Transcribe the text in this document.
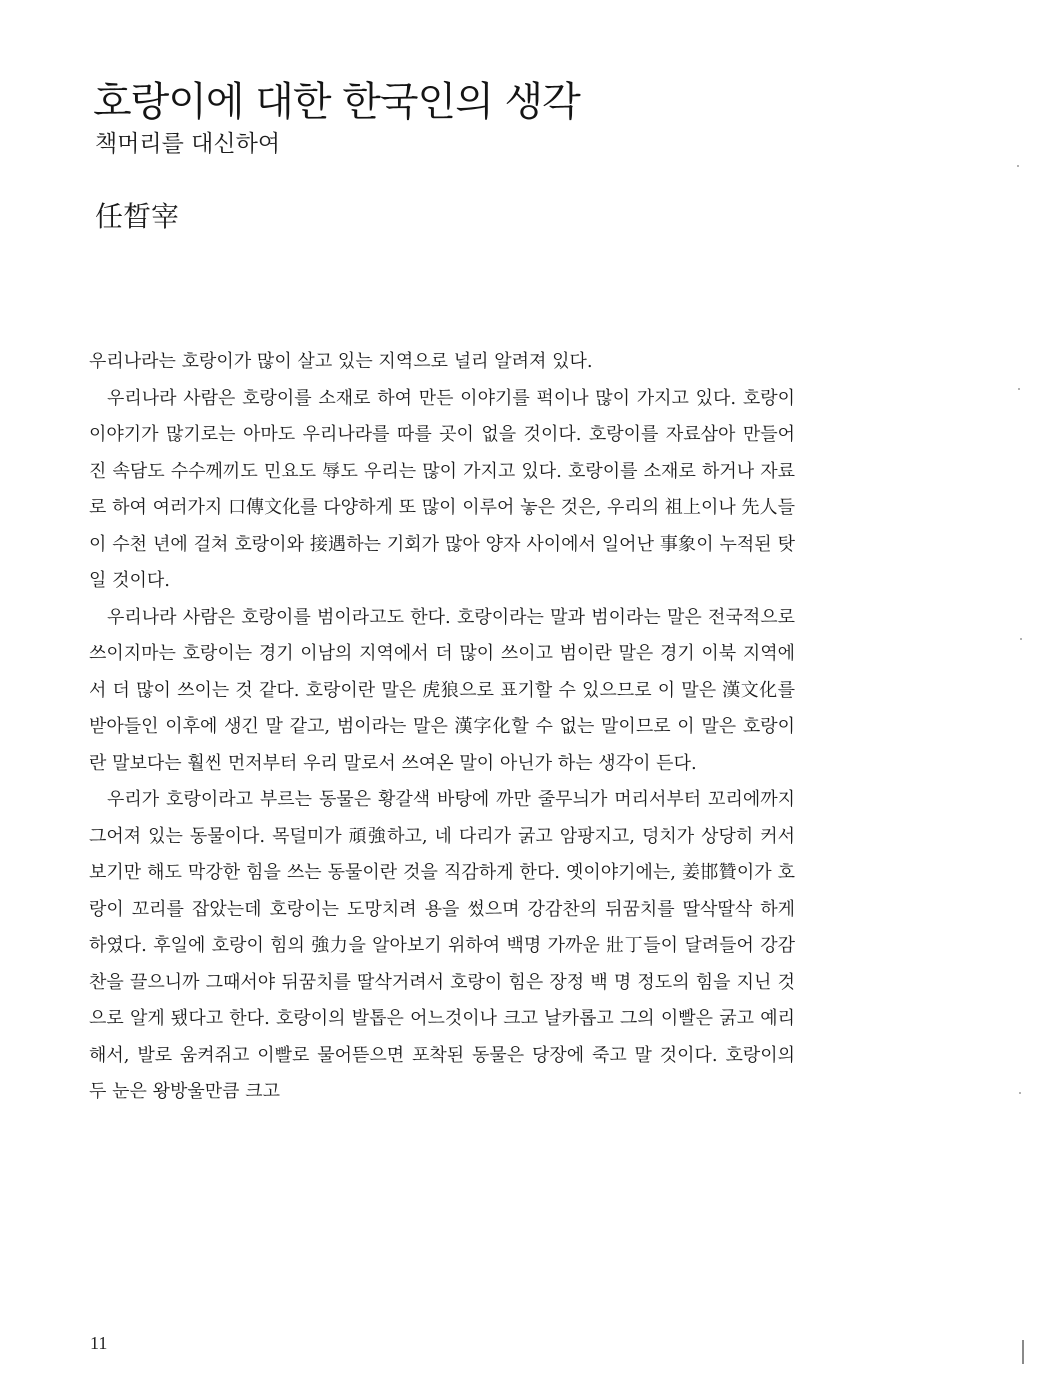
호랑이에 대한 한국인의 생각
책머리를 대신하여
任晳宰

우리나라는 호랑이가 많이 살고 있는 지역으로 널리 알려져 있다.

우리나라 사람은 호랑이를 소재로 하여 만든 이야기를 퍽이나 많이 가지고 있다. 호랑이 이야기가 많기로는 아마도 우리나라를 따를 곳이 없을 것이다. 호랑이를 자료삼아 만들어진 속담도 수수께끼도 민요도 辱도 우리는 많이 가지고 있다. 호랑이를 소재로 하거나 자료로 하여 여러가지 口傳文化를 다양하게 또 많이 이루어 놓은 것은, 우리의 祖上이나 先人들이 수천 년에 걸쳐 호랑이와 接遇하는 기회가 많아 양자 사이에서 일어난 事象이 누적된 탓일 것이다.

우리나라 사람은 호랑이를 범이라고도 한다. 호랑이라는 말과 범이라는 말은 전국적으로 쓰이지마는 호랑이는 경기 이남의 지역에서 더 많이 쓰이고 범이란 말은 경기 이북 지역에서 더 많이 쓰이는 것 같다. 호랑이란 말은 虎狼으로 표기할 수 있으므로 이 말은 漢文化를 받아들인 이후에 생긴 말 같고, 범이라는 말은 漢字化할 수 없는 말이므로 이 말은 호랑이란 말보다는 훨씬 먼저부터 우리 말로서 쓰여온 말이 아닌가 하는 생각이 든다.

우리가 호랑이라고 부르는 동물은 황갈색 바탕에 까만 줄무늬가 머리서부터 꼬리에까지 그어져 있는 동물이다. 목덜미가 頑強하고, 네 다리가 굵고 암팡지고, 덩치가 상당히 커서 보기만 해도 막강한 힘을 쓰는 동물이란 것을 직감하게 한다. 옛이야기에는, 姜邯贊이가 호랑이 꼬리를 잡았는데 호랑이는 도망치려 용을 썼으며 강감찬의 뒤꿈치를 딸삭딸삭 하게 하였다. 후일에 호랑이 힘의 強力을 알아보기 위하여 백명 가까운 壯丁들이 달려들어 강감찬을 끌으니까 그때서야 뒤꿈치를 딸삭거려서 호랑이 힘은 장정 백 명 정도의 힘을 지닌 것으로 알게 됐다고 한다. 호랑이의 발톱은 어느것이나 크고 날카롭고 그의 이빨은 굵고 예리해서, 발로 움켜쥐고 이빨로 물어뜯으면 포착된 동물은 당장에 죽고 말 것이다. 호랑이의 두 눈은 왕방울만큼 크고

11
